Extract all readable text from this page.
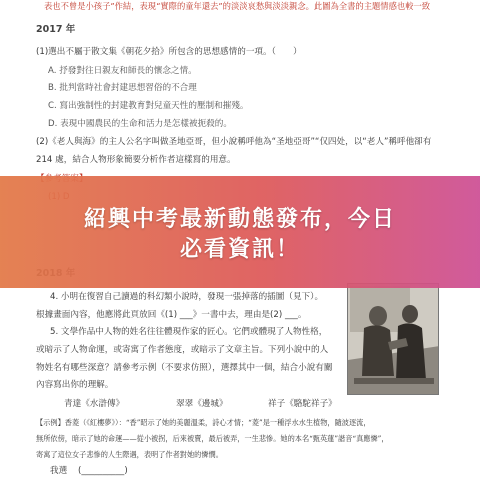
表也不曾是小孩子”作結，表現“實際的童年還去”的淡淡哀愁與淡淡親念。此圖為全書的主題情感也較一致
2017 年
(1)選出不屬于散文集《朝花夕拾》所包含的思想感情的一項。（　　）
A. 抒發對往日親友和師長的懷念之情。
B. 批判當時社會封建思想習俗的不合理
C. 寫出強制性的封建教育對兒童天性的壓制和摧殘。
D. 表現中國農民的生命和活力是怎樣被扼殺的。
(2)《老人與海》的主人公名字叫做圣地亞哥，但小說稱呼他為“圣地亞哥”“仅四处，以“老人”稱呼他卻有
214 處，結合人物形象簡要分析作者這樣寫的用意。
4. 小明在復習自己讀過的科幻類小說時，發現一張掉落的插圖（見下）。
根據畫面內容，他應將此頁放回《(1) ___》一書中去，理由是(2) ___。
5. 文學作品中人物的姓名往往體現作家的匠心。它們或體現了人物性格，
或暗示了人物命運，或寄寓了作者態度，或暗示了文章主旨。下列小說中的人
物姓名有哪些深意？請參考示例（不要求仿照），選擇其中一個，結合小說有關
內容寫出你的理解。
青達《水滸傳》	翠翠《邊城》	祥子《駱駝祥子》
【示例】香菱（《紅樓夢》）：“香”昭示了她的美麗溫柔，詩心才情；“菱”是一種浮水水生植物，隨波逐流，
無所依傍，暗示了她的命運——從小被拐，后來被賣，最后被弄，一生悲慘。她的本名“甄英蓮”諧音“真應憐”，
寄寓了這位女子悲慘的人生際遇，表明了作者對她的憐憫。
我選 (__________)
紹興中考最新動態發布，今日
必看資訊！
